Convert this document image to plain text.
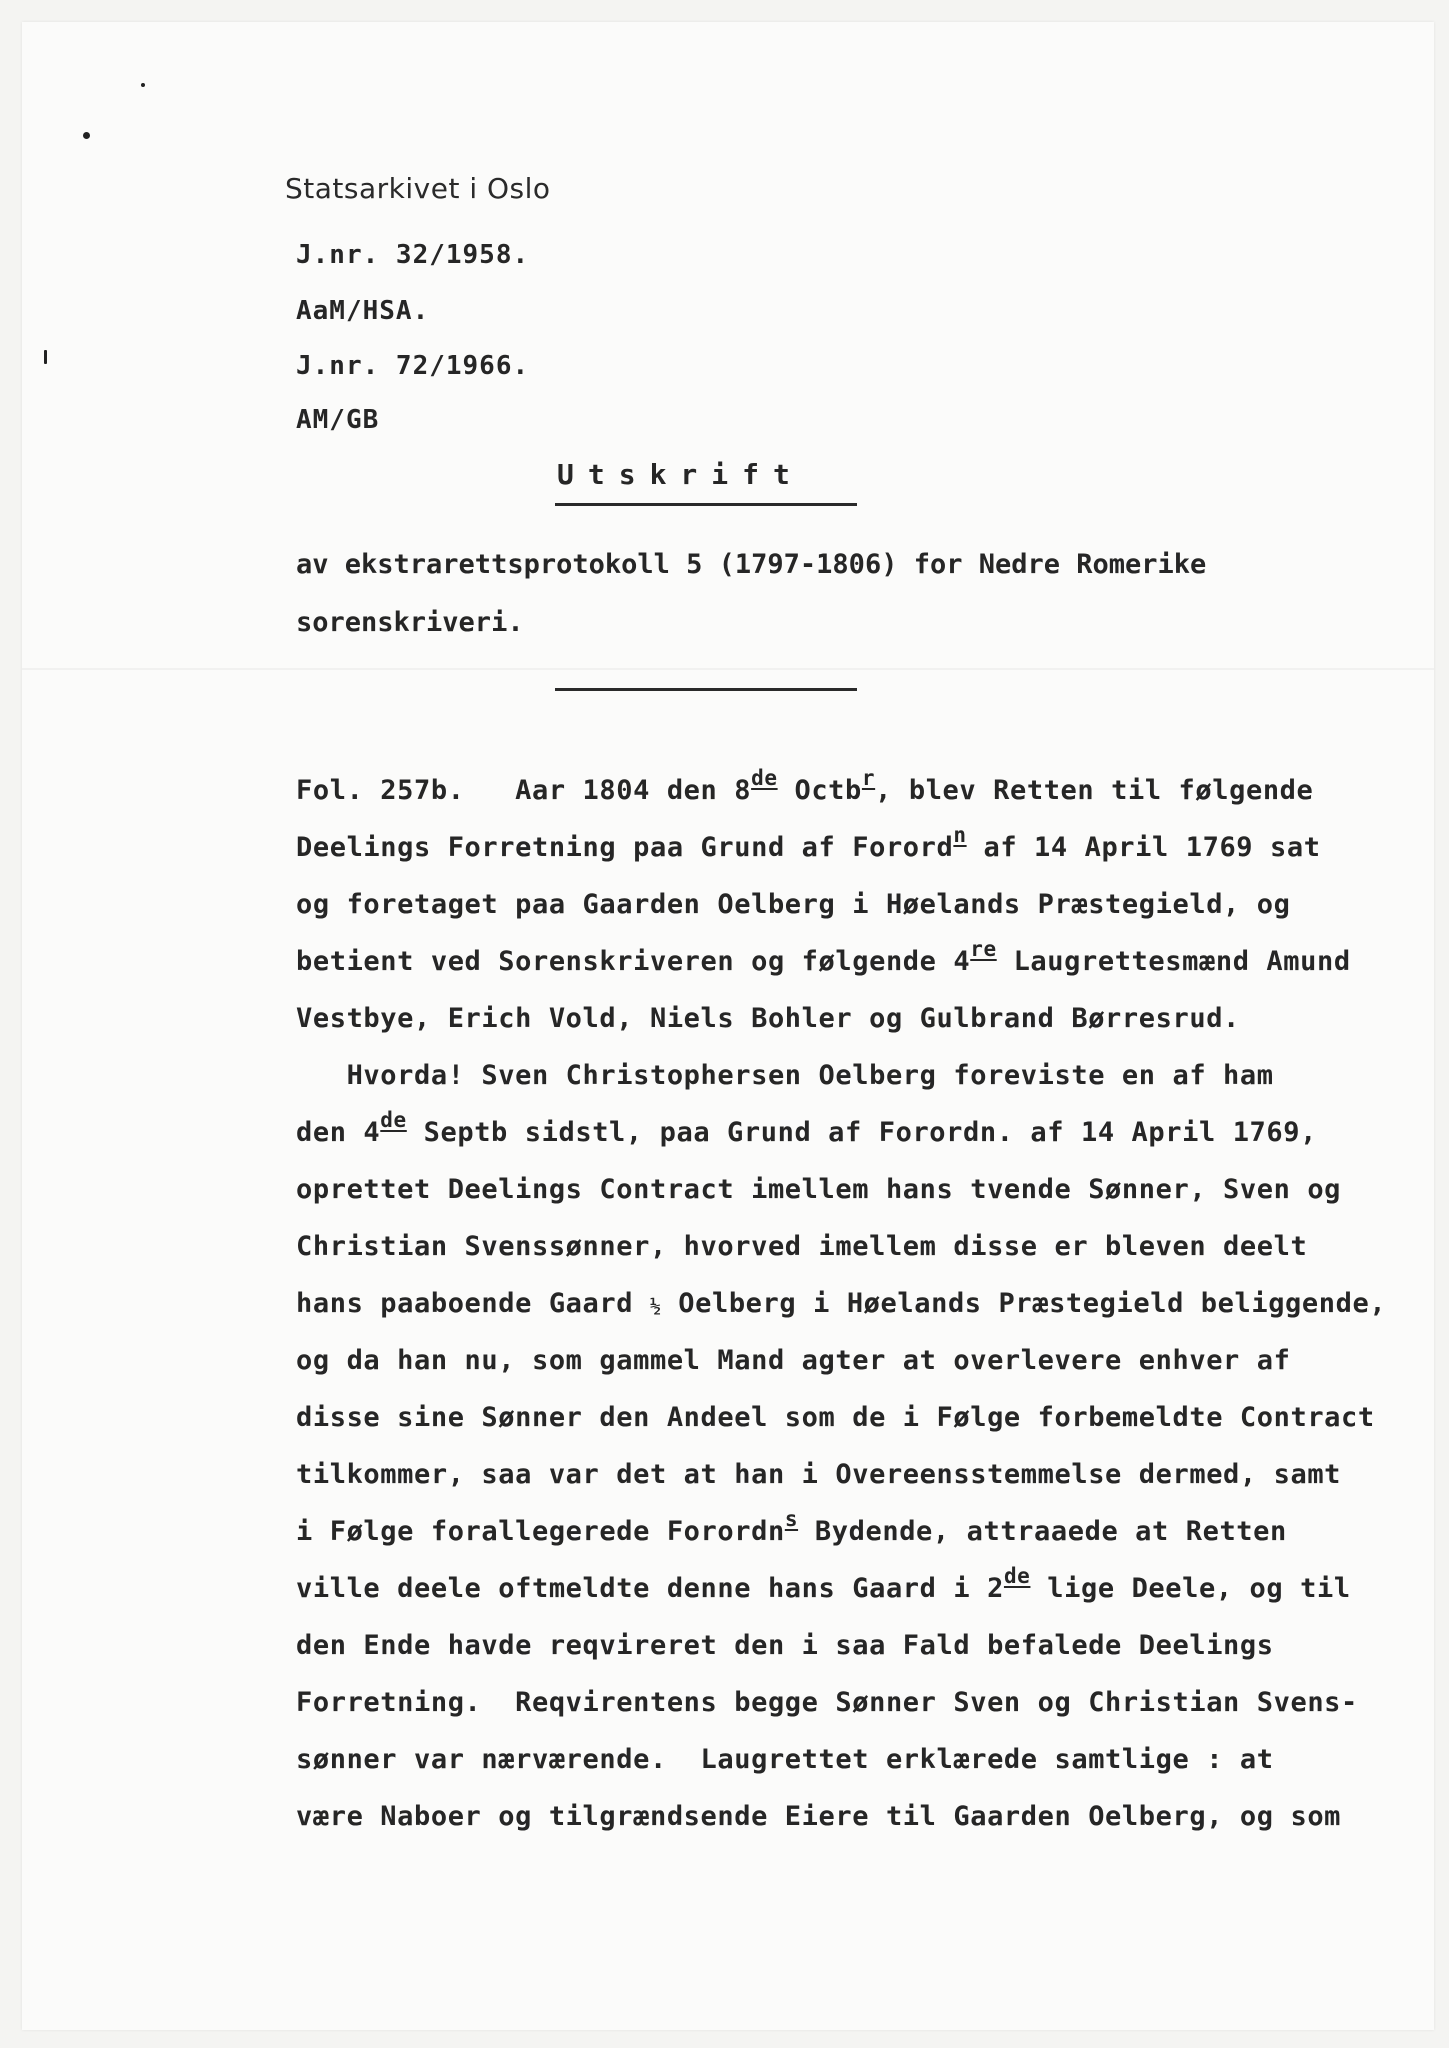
Statsarkivet i Oslo
J.nr. 32/1958.
AaM/HSA.
J.nr. 72/1966.
AM/GB
Utskrift
av ekstrarettsprotokoll 5 (1797-1806) for Nedre Romerike
sorenskriveri.
Fol. 257b.   Aar 1804 den 8de Octb$^r$, blev Retten til følgende
Deelings Forretning paa Grund af Forord$^n$ af 14 April 1769 sat
og foretaget paa Gaarden Oelberg i Høelands Præstegield, og
betient ved Sorenskriveren og følgende 4re Laugrettesmænd Amund
Vestbye, Erich Vold, Niels Bohler og Gulbrand Børresrud.
Hvorda! Sven Christophersen Oelberg foreviste en af ham
den 4de Septb sidstl, paa Grund af Forordn. af 14 April 1769,
oprettet Deelings Contract imellem hans tvende Sønner, Sven og
Christian Svenssønner, hvorved imellem disse er bleven deelt
hans paaboende Gaard ½ Oelberg i Høelands Præstegield beliggende,
og da han nu, som gammel Mand agter at overlevere enhver af
disse sine Sønner den Andeel som de i Følge forbemeldte Contract
tilkommer, saa var det at han i Overeensstemmelse dermed, samt
i Følge forallegerede Forordn$^s$ Bydende, attraaede at Retten
ville deele oftmeldte denne hans Gaard i 2de lige Deele, og til
den Ende havde reqvireret den i saa Fald befalede Deelings
Forretning.  Reqvirentens begge Sønner Sven og Christian Svens-
sønner var nærværende.  Laugrettet erklærede samtlige : at
være Naboer og tilgrændsende Eiere til Gaarden Oelberg, og som
